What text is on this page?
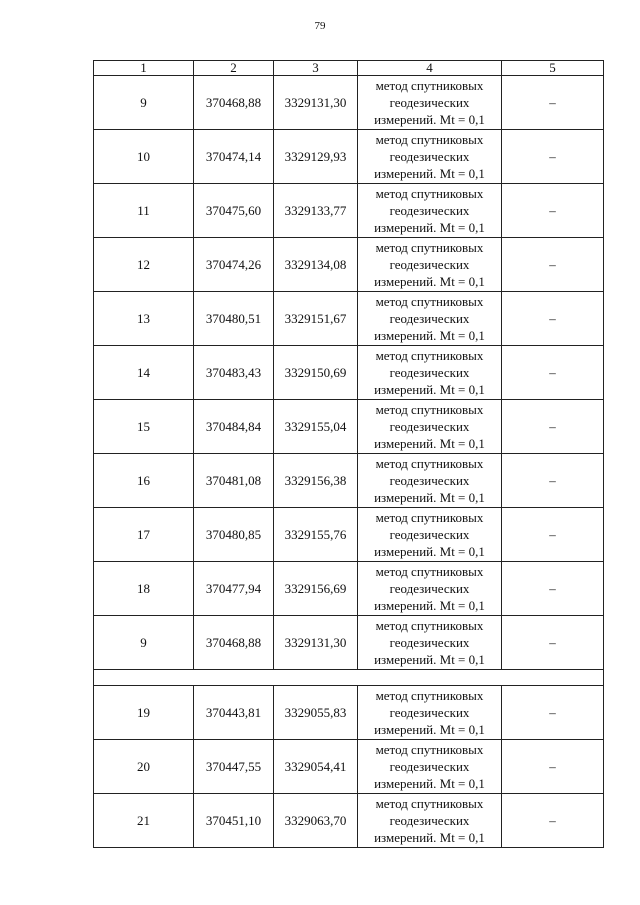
79
1	2	3	4	5
9	370468,88	3329131,30	метод спутниковых
геодезических
измерений. Mt = 0,1	–
10	370474,14	3329129,93	метод спутниковых
геодезических
измерений. Mt = 0,1	–
11	370475,60	3329133,77	метод спутниковых
геодезических
измерений. Mt = 0,1	–
12	370474,26	3329134,08	метод спутниковых
геодезических
измерений. Mt = 0,1	–
13	370480,51	3329151,67	метод спутниковых
геодезических
измерений. Mt = 0,1	–
14	370483,43	3329150,69	метод спутниковых
геодезических
измерений. Mt = 0,1	–
15	370484,84	3329155,04	метод спутниковых
геодезических
измерений. Mt = 0,1	–
16	370481,08	3329156,38	метод спутниковых
геодезических
измерений. Mt = 0,1	–
17	370480,85	3329155,76	метод спутниковых
геодезических
измерений. Mt = 0,1	–
18	370477,94	3329156,69	метод спутниковых
геодезических
измерений. Mt = 0,1	–
9	370468,88	3329131,30	метод спутниковых
геодезических
измерений. Mt = 0,1	–

19	370443,81	3329055,83	метод спутниковых
геодезических
измерений. Mt = 0,1	–
20	370447,55	3329054,41	метод спутниковых
геодезических
измерений. Mt = 0,1	–
21	370451,10	3329063,70	метод спутниковых
геодезических
измерений. Mt = 0,1	–
